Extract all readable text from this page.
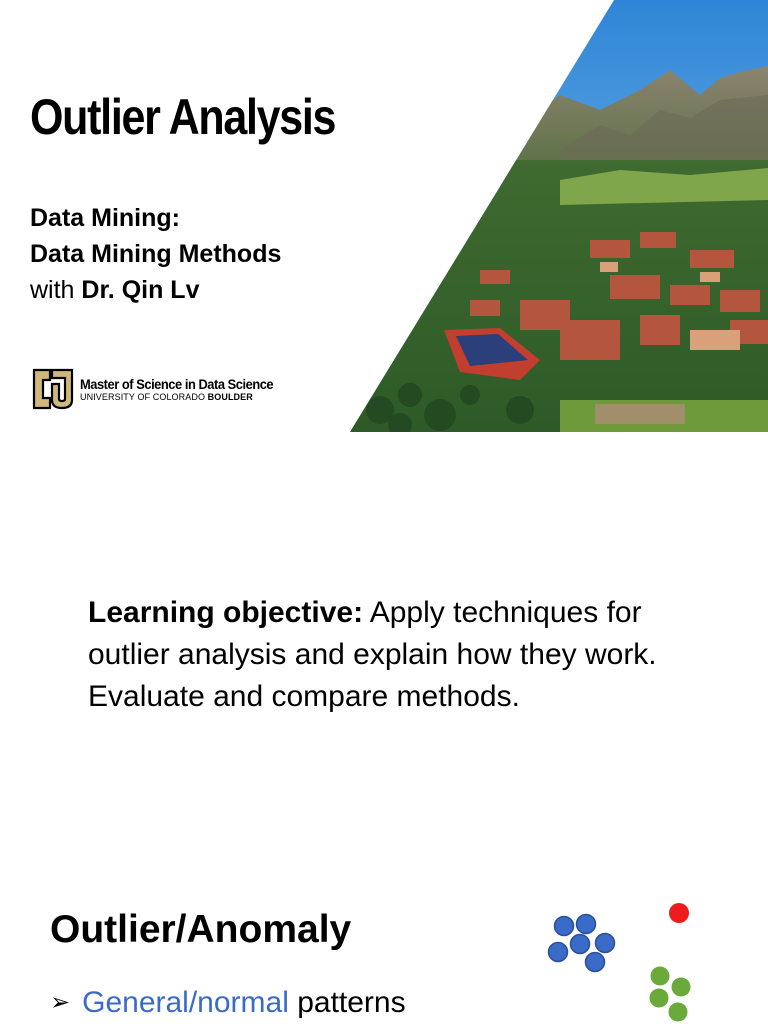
Outlier Analysis
Data Mining:
Data Mining Methods
with Dr. Qin Lv
Master of Science in Data Science
UNIVERSITY OF COLORADO BOULDER

Learning objective: Apply techniques for outlier analysis and explain how they work. Evaluate and compare methods.

Outlier/Anomaly
➢ General/normal patterns
